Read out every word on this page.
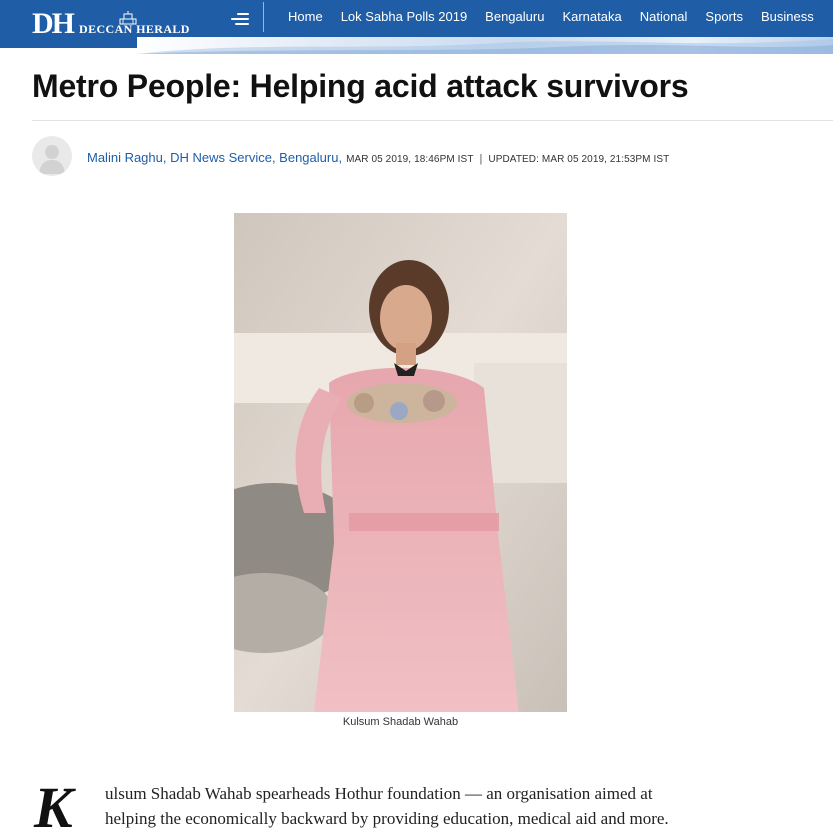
DH DECCAN HERALD
Home Lok Sabha Polls 2019 Bengaluru Karnataka National Sports Business
Metro People: Helping acid attack survivors
Malini Raghu, DH News Service, Bengaluru, MAR 05 2019, 18:46PM IST | UPDATED: MAR 05 2019, 21:53PM IST
Kulsum Shadab Wahab
K ulsum Shadab Wahab spearheads Hothur foundation — an organisation aimed at
helping the economically backward by providing education, medical aid and more.
